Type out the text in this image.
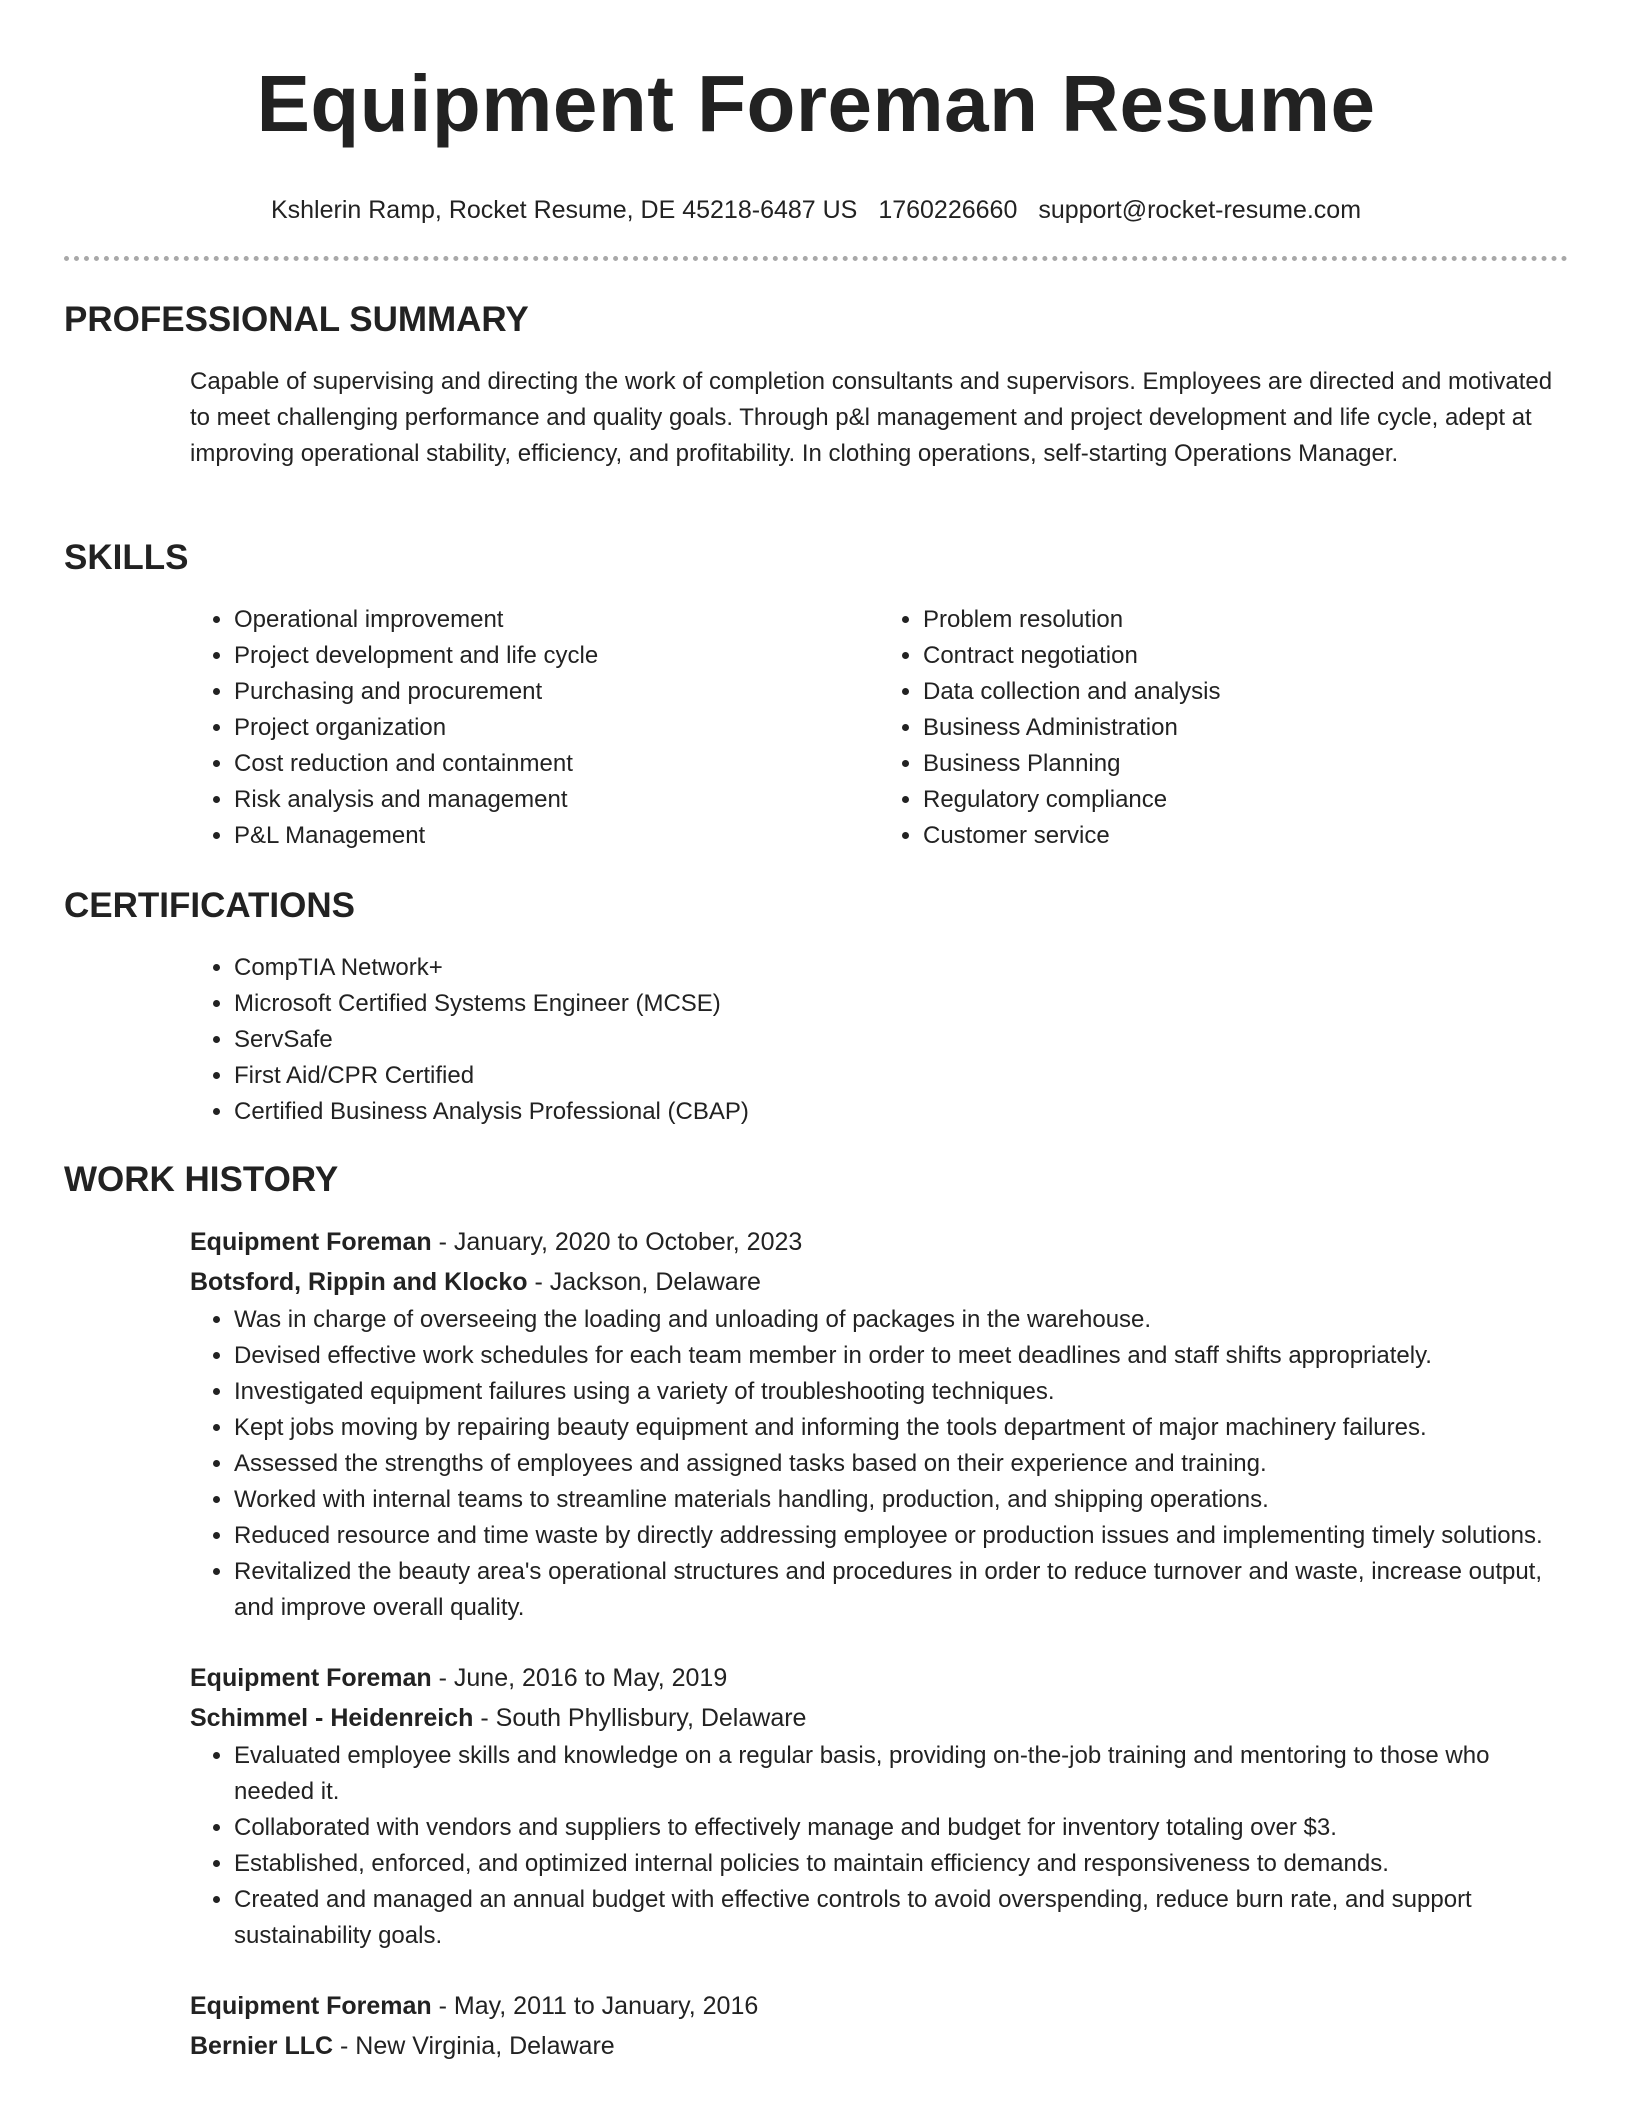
Equipment Foreman Resume
Kshlerin Ramp, Rocket Resume, DE 45218-6487 US 1760226660 support@rocket-resume.com
PROFESSIONAL SUMMARY

Capable of supervising and directing the work of completion consultants and supervisors. Employees are directed and motivated to meet challenging performance and quality goals. Through p&l management and project development and life cycle, adept at improving operational stability, efficiency, and profitability. In clothing operations, self-starting Operations Manager.

SKILLS
• Operational improvement
• Project development and life cycle
• Purchasing and procurement
• Project organization
• Cost reduction and containment
• Risk analysis and management
• P&L Management
• Problem resolution
• Contract negotiation
• Data collection and analysis
• Business Administration
• Business Planning
• Regulatory compliance
• Customer service
CERTIFICATIONS
• CompTIA Network+
• Microsoft Certified Systems Engineer (MCSE)
• ServSafe
• First Aid/CPR Certified
• Certified Business Analysis Professional (CBAP)
WORK HISTORY

Equipment Foreman - January, 2020 to October, 2023

Botsford, Rippin and Klocko - Jackson, Delaware

• Was in charge of overseeing the loading and unloading of packages in the warehouse.
• Devised effective work schedules for each team member in order to meet deadlines and staff shifts appropriately.
• Investigated equipment failures using a variety of troubleshooting techniques.
• Kept jobs moving by repairing beauty equipment and informing the tools department of major machinery failures.
• Assessed the strengths of employees and assigned tasks based on their experience and training.
• Worked with internal teams to streamline materials handling, production, and shipping operations.
• Reduced resource and time waste by directly addressing employee or production issues and implementing timely solutions.
• Revitalized the beauty area's operational structures and procedures in order to reduce turnover and waste, increase output, and improve overall quality.

Equipment Foreman - June, 2016 to May, 2019

Schimmel - Heidenreich - South Phyllisbury, Delaware

• Evaluated employee skills and knowledge on a regular basis, providing on-the-job training and mentoring to those who needed it.
• Collaborated with vendors and suppliers to effectively manage and budget for inventory totaling over $3.
• Established, enforced, and optimized internal policies to maintain efficiency and responsiveness to demands.
• Created and managed an annual budget with effective controls to avoid overspending, reduce burn rate, and support sustainability goals.

Equipment Foreman - May, 2011 to January, 2016

Bernier LLC - New Virginia, Delaware
